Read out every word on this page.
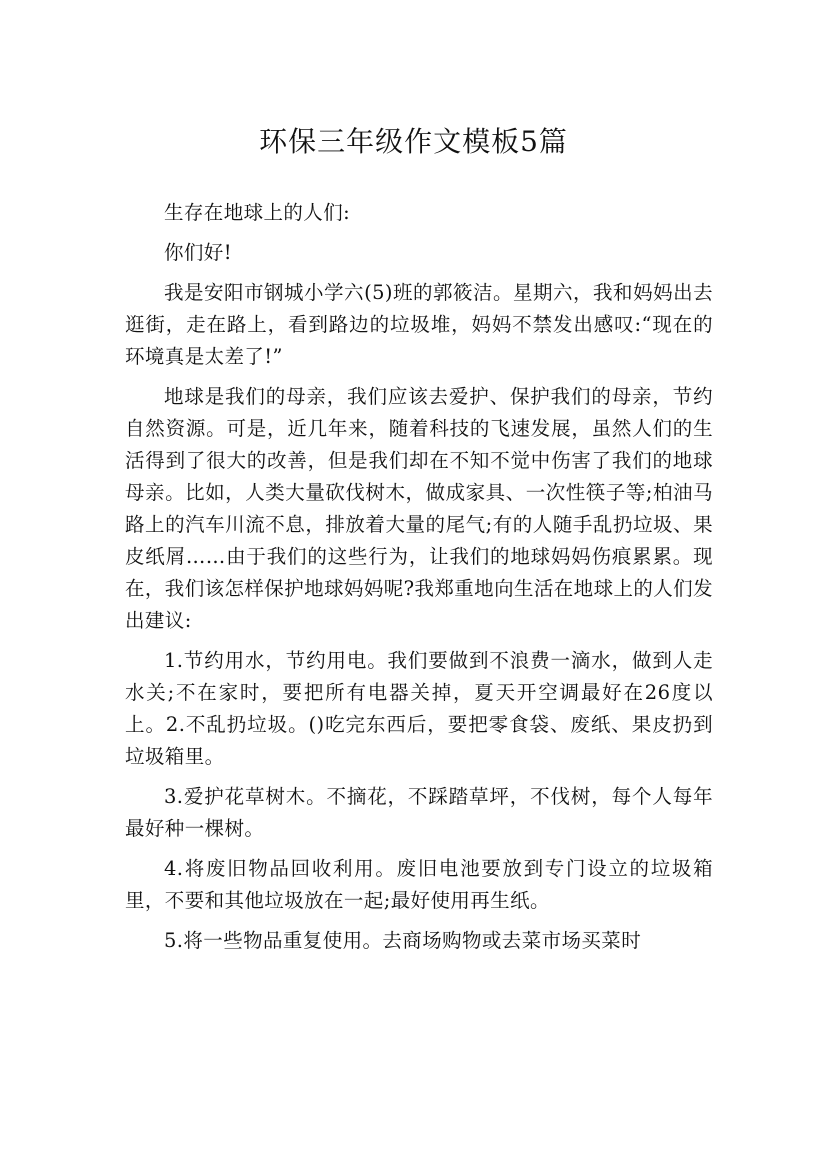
环保三年级作文模板5篇

生存在地球上的人们:

你们好!

我是安阳市钢城小学六(5)班的郭筱洁。星期六，我和妈妈出去逛街，走在路上，看到路边的垃圾堆，妈妈不禁发出感叹:“现在的环境真是太差了!”

地球是我们的母亲，我们应该去爱护、保护我们的母亲，节约自然资源。可是，近几年来，随着科技的飞速发展，虽然人们的生活得到了很大的改善，但是我们却在不知不觉中伤害了我们的地球母亲。比如，人类大量砍伐树木，做成家具、一次性筷子等;柏油马路上的汽车川流不息，排放着大量的尾气;有的人随手乱扔垃圾、果皮纸屑……由于我们的这些行为，让我们的地球妈妈伤痕累累。现在，我们该怎样保护地球妈妈呢?我郑重地向生活在地球上的人们发出建议:

1.节约用水，节约用电。我们要做到不浪费一滴水，做到人走水关;不在家时，要把所有电器关掉，夏天开空调最好在26度以上。2.不乱扔垃圾。()吃完东西后，要把零食袋、废纸、果皮扔到垃圾箱里。

3.爱护花草树木。不摘花，不踩踏草坪，不伐树，每个人每年最好种一棵树。

4.将废旧物品回收利用。废旧电池要放到专门设立的垃圾箱里，不要和其他垃圾放在一起;最好使用再生纸。

5.将一些物品重复使用。去商场购物或去菜市场买菜时
